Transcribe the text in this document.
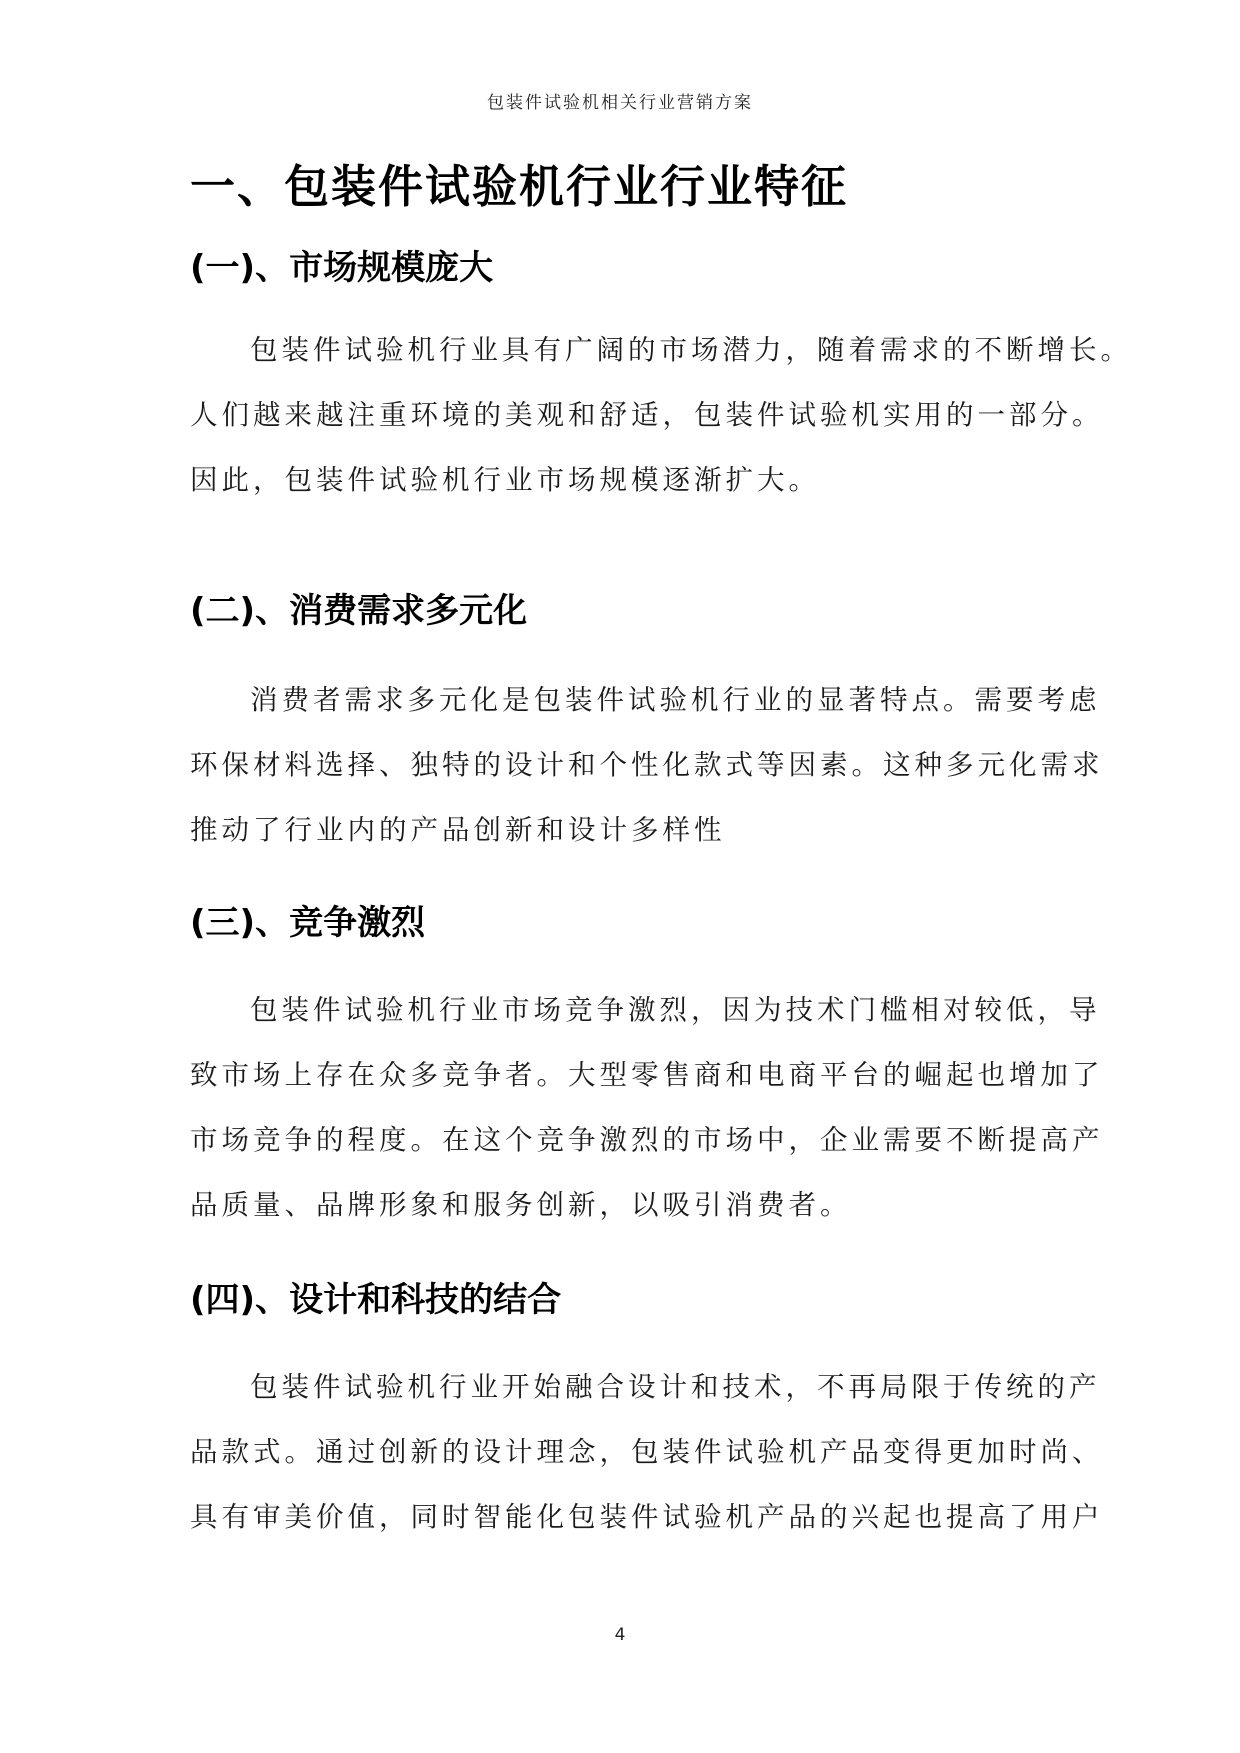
包装件试验机相关行业营销方案
一、包装件试验机行业行业特征
(一)、市场规模庞大

包装件试验机行业具有广阔的市场潜力，随着需求的不断增长。
人们越来越注重环境的美观和舒适，包装件试验机实用的一部分。
因此，包装件试验机行业市场规模逐渐扩大。

(二)、消费需求多元化

消费者需求多元化是包装件试验机行业的显著特点。需要考虑
环保材料选择、独特的设计和个性化款式等因素。这种多元化需求
推动了行业内的产品创新和设计多样性

(三)、竞争激烈

包装件试验机行业市场竞争激烈，因为技术门槛相对较低，导
致市场上存在众多竞争者。大型零售商和电商平台的崛起也增加了
市场竞争的程度。在这个竞争激烈的市场中，企业需要不断提高产
品质量、品牌形象和服务创新，以吸引消费者。

(四)、设计和科技的结合

包装件试验机行业开始融合设计和技术，不再局限于传统的产
品款式。通过创新的设计理念，包装件试验机产品变得更加时尚、
具有审美价值，同时智能化包装件试验机产品的兴起也提高了用户

4
